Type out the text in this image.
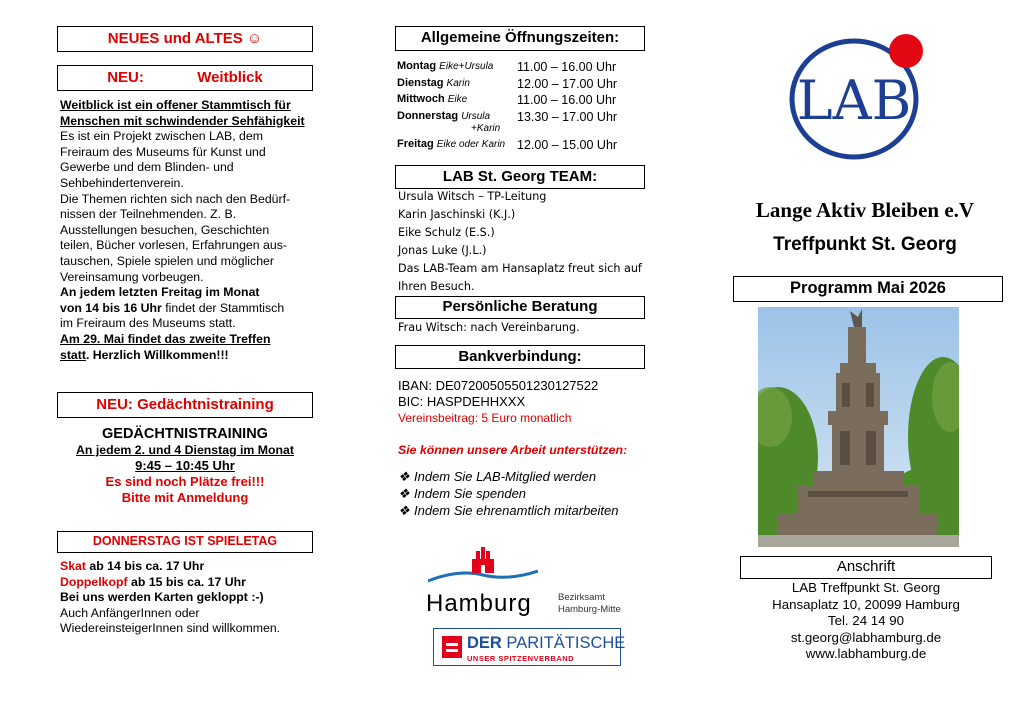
NEUES und ALTES ☺
NEU:	Weitblick
Weitblick ist ein offener Stammtisch für Menschen mit schwindender Sehfähigkeit
Es ist ein Projekt zwischen LAB, dem
Freiraum des Museums für Kunst und
Gewerbe und dem Blinden- und
Sehbehindertenverein.
Die Themen richten sich nach den Bedürf-
nissen der Teilnehmenden. Z. B.
Ausstellungen besuchen, Geschichten
teilen, Bücher vorlesen, Erfahrungen aus-
tauschen, Spiele spielen und möglicher
Vereinsamung vorbeugen.
An jedem letzten Freitag im Monat
von 14 bis 16 Uhr findet der Stammtisch
im Freiraum des Museums statt.
Am 29. Mai findet das zweite Treffen
statt. Herzlich Willkommen!!!
NEU: Gedächtnistraining
GEDÄCHTNISTRAINING
An jedem 2. und 4 Dienstag im Monat
9:45 – 10:45 Uhr
Es sind noch Plätze frei!!!
Bitte mit Anmeldung
DONNERSTAG IST SPIELETAG
Skat ab 14 bis ca. 17 Uhr
Doppelkopf ab 15 bis ca. 17 Uhr
Bei uns werden Karten gekloppt :-)
Auch AnfängerInnen oder
WiedereinsteigerInnen sind willkommen.
Allgemeine Öffnungszeiten:
Montag Eike+Ursula	11.00 – 16.00 Uhr
Dienstag Karin	12.00 – 17.00 Uhr
Mittwoch Eike	11.00 – 16.00 Uhr
Donnerstag Ursula
+Karin	13.30 – 17.00 Uhr
Freitag Eike oder Karin	12.00 – 15.00 Uhr
LAB St. Georg TEAM:
Ursula Witsch – TP-Leitung
Karin Jaschinski (K.J.)
Eike Schulz (E.S.)
Jonas Luke (J.L.)
Das LAB-Team am Hansaplatz freut sich auf
Ihren Besuch.
Persönliche Beratung
Frau Witsch: nach Vereinbarung.
Bankverbindung:
IBAN: DE07200505501230127522
BIC: HASPDEHHXXX
Vereinsbeitrag: 5 Euro monatlich
Sie können unsere Arbeit unterstützen:
❖ Indem Sie LAB-Mitglied werden
❖ Indem Sie spenden
❖ Indem Sie ehrenamtlich mitarbeiten
Hamburg	Bezirksamt
Hamburg-Mitte
DER PARITÄTISCHE
UNSER SPITZENVERBAND
LAB
Lange Aktiv Bleiben e.V
Treffpunkt St. Georg
Programm Mai 2026
Anschrift
LAB Treffpunkt St. Georg
Hansaplatz 10, 20099 Hamburg
Tel. 24 14 90
st.georg@labhamburg.de
www.labhamburg.de
